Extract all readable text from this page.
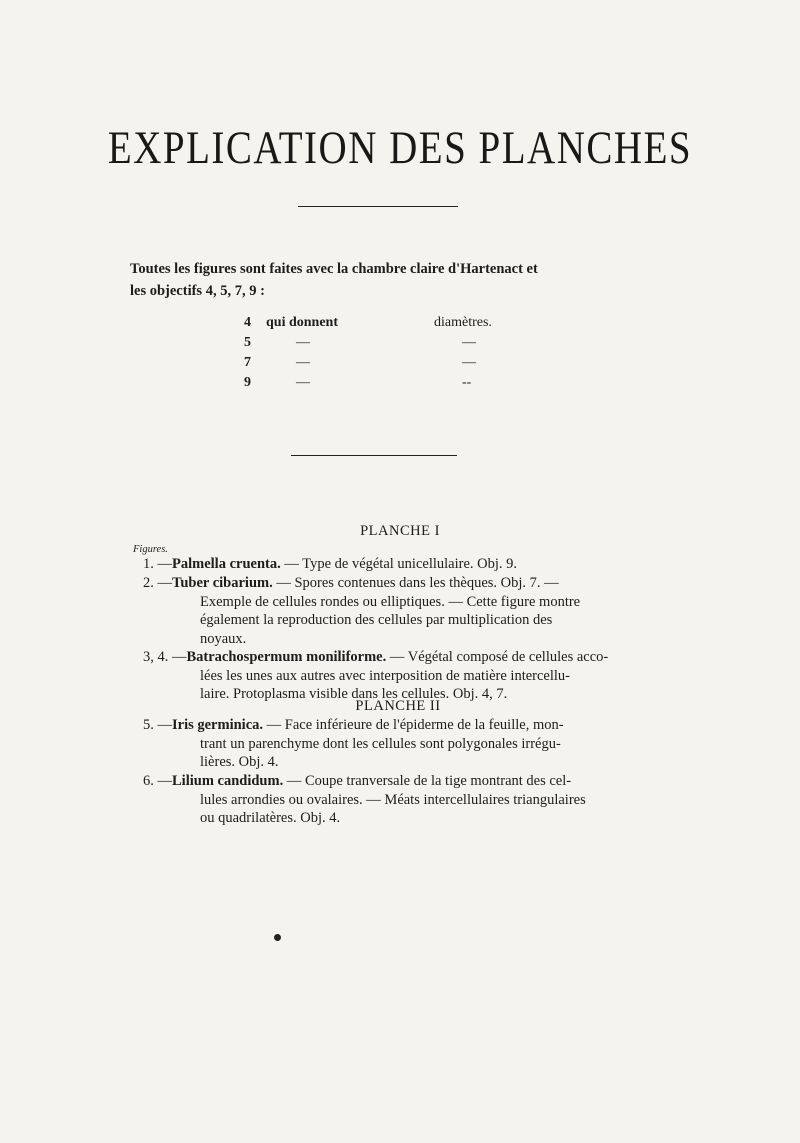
EXPLICATION DES PLANCHES
Toutes les figures sont faites avec la chambre claire d'Hartenact et
les objectifs 4, 5, 7, 9 :
4	qui donnent	diamètres.
5	—	—
7	—	—
9	—	--
PLANCHE I
Figures.
1. —Palmella cruenta. — Type de végétal unicellulaire. Obj. 9.
2. —Tuber cibarium. — Spores contenues dans les thèques. Obj. 7. —
Exemple de cellules rondes ou elliptiques. — Cette figure montre
également la reproduction des cellules par multiplication des
noyaux.
3, 4. —Batrachospermum moniliforme. — Végétal composé de cellules acco-
lées les unes aux autres avec interposition de matière intercellu-
laire. Protoplasma visible dans les cellules. Obj. 4, 7.
PLANCHE II
5. —Iris germinica. — Face inférieure de l'épiderme de la feuille, mon-
trant un parenchyme dont les cellules sont polygonales irrégu-
lières. Obj. 4.
6. —Lilium candidum. — Coupe tranversale de la tige montrant des cel-
lules arrondies ou ovalaires. — Méats intercellulaires triangulaires
ou quadrilatères. Obj. 4.
